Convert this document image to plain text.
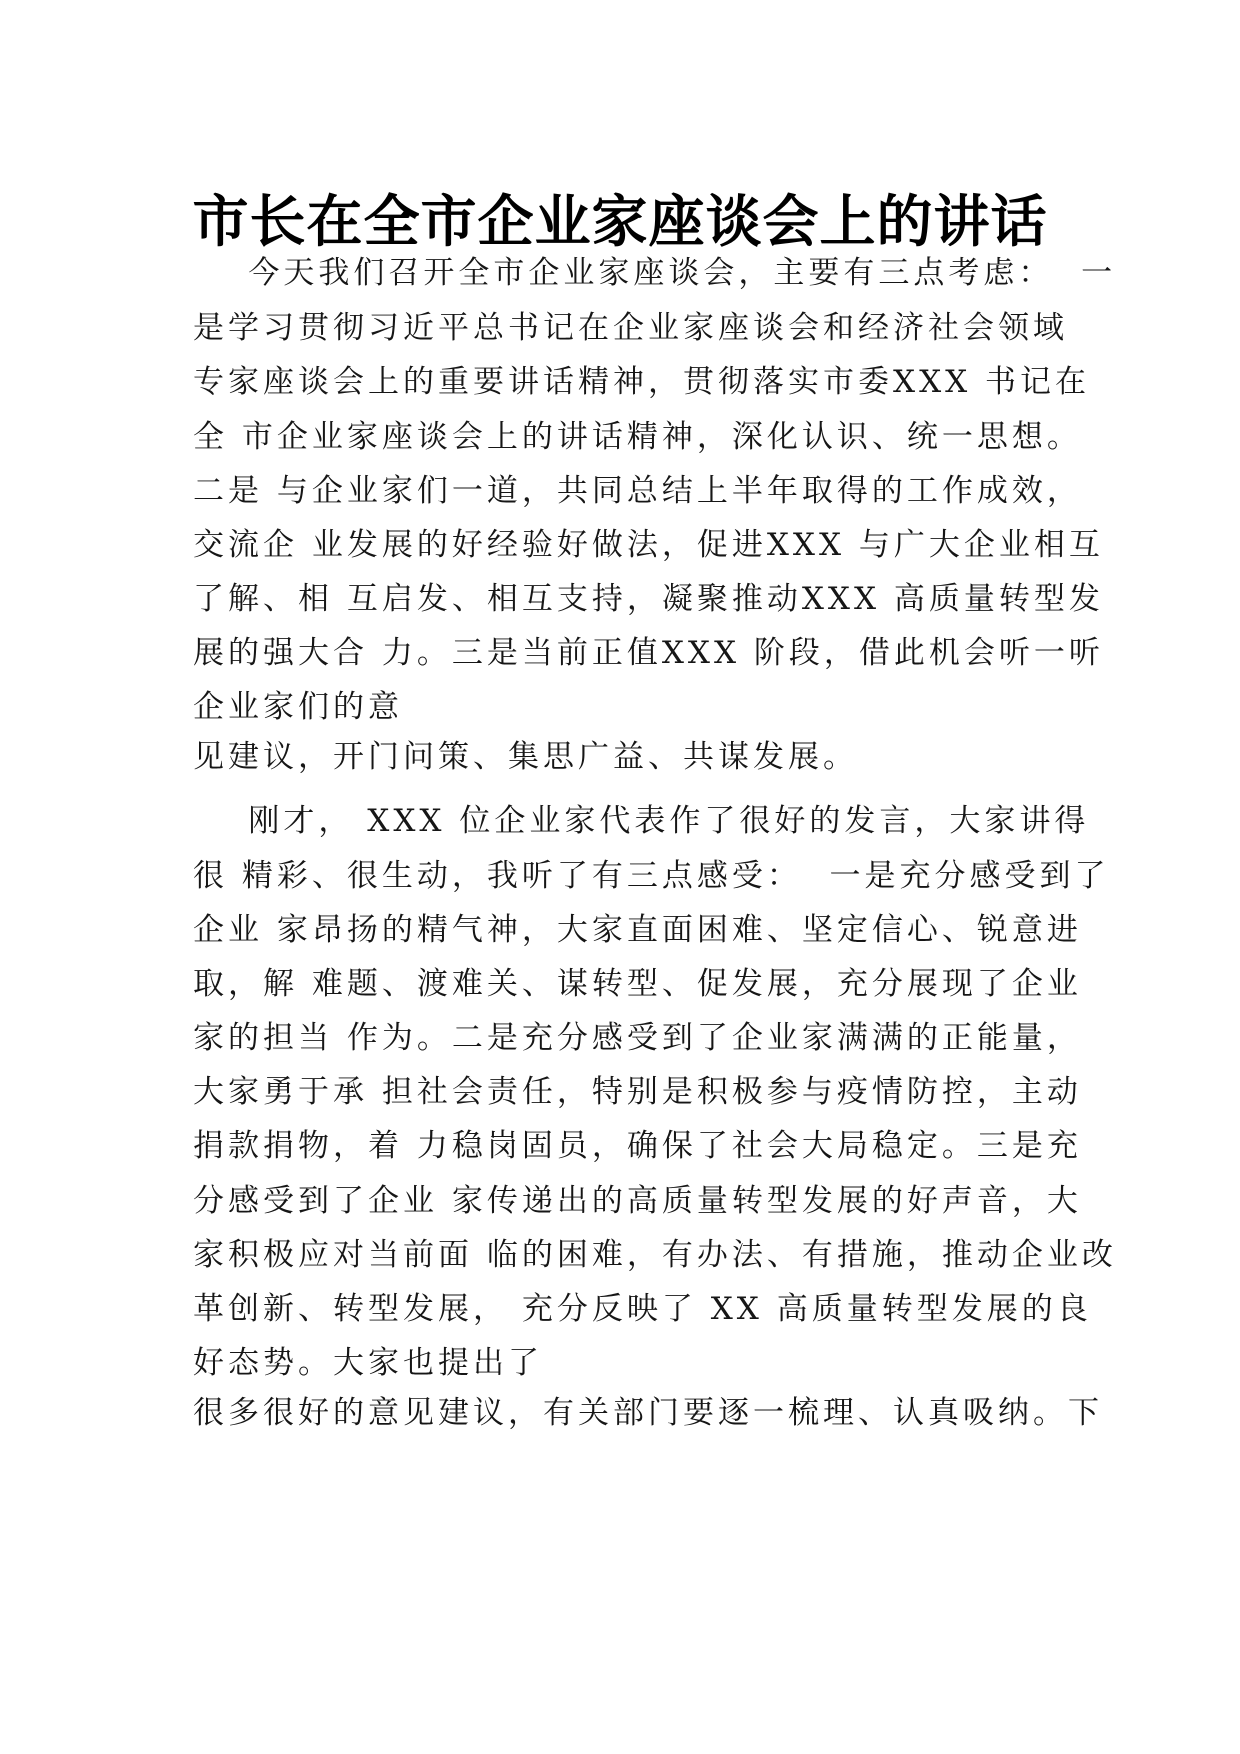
市长在全市企业家座谈会上的讲话
今天我们召开全市企业家座谈会，主要有三点考虑：  一
是学习贯彻习近平总书记在企业家座谈会和经济社会领域
专家座谈会上的重要讲话精神，贯彻落实市委XXX 书记在
全 市企业家座谈会上的讲话精神，深化认识、统一思想。
二是 与企业家们一道，共同总结上半年取得的工作成效，
交流企 业发展的好经验好做法，促进XXX 与广大企业相互
了解、相 互启发、相互支持，凝聚推动XXX 高质量转型发
展的强大合 力。三是当前正值XXX 阶段，借此机会听一听
企业家们的意
见建议，开门问策、集思广益、共谋发展。
刚才， XXX 位企业家代表作了很好的发言，大家讲得
很 精彩、很生动，我听了有三点感受：  一是充分感受到了
企业 家昂扬的精气神，大家直面困难、坚定信心、锐意进
取，解 难题、渡难关、谋转型、促发展，充分展现了企业
家的担当 作为。二是充分感受到了企业家满满的正能量，
大家勇于承 担社会责任，特别是积极参与疫情防控，主动
捐款捐物，着 力稳岗固员，确保了社会大局稳定。三是充
分感受到了企业 家传递出的高质量转型发展的好声音，大
家积极应对当前面 临的困难，有办法、有措施，推动企业改
革创新、转型发展， 充分反映了 XX 高质量转型发展的良
好态势。大家也提出了
很多很好的意见建议，有关部门要逐一梳理、认真吸纳。下
